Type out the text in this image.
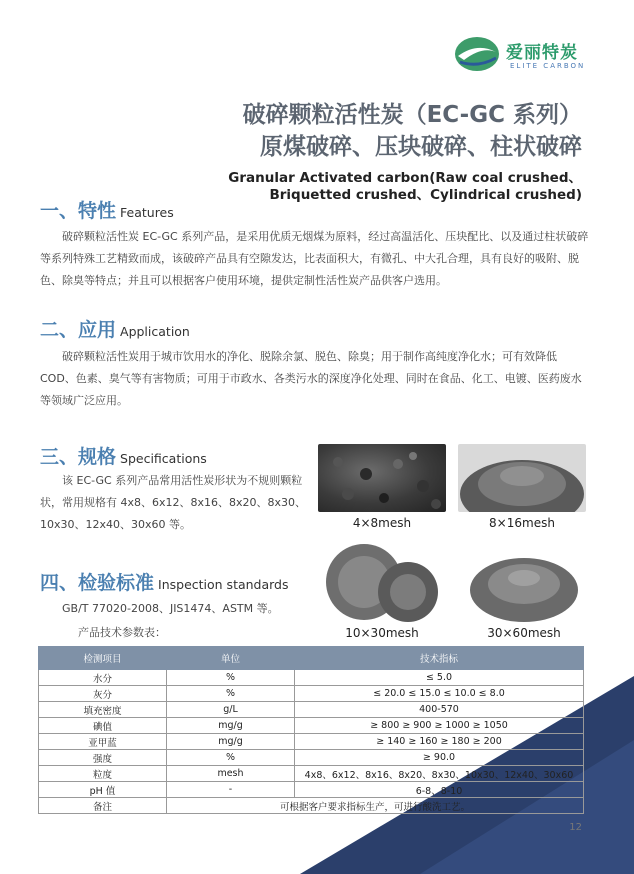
爱丽特炭
ELITE CARBON
破碎颗粒活性炭（EC-GC 系列）
原煤破碎、压块破碎、柱状破碎
Granular Activated carbon(Raw coal crushed、Briquetted crushed、Cylindrical crushed)
一、特性 Features
破碎颗粒活性炭 EC-GC 系列产品，是采用优质无烟煤为原料，经过高温活化、压块配比、以及通过柱状破碎等系列特殊工艺精致而成，该破碎产品具有空隙发达，比表面积大，有微孔、中大孔合理，具有良好的吸附、脱色、除臭等特点；并且可以根据客户使用环境，提供定制性活性炭产品供客户选用。
二、应用 Application
破碎颗粒活性炭用于城市饮用水的净化、脱除余氯、脱色、除臭；用于制作高纯度净化水；可有效降低 COD、色素、臭气等有害物质；可用于市政水、各类污水的深度净化处理、同时在食品、化工、电镀、医药废水等领域广泛应用。
三、规格 Specifications
该 EC-GC 系列产品常用活性炭形状为不规则颗粒状，常用规格有 4x8、6x12、8x16、8x20、8x30、10x30、12x40、30x60 等。
四、检验标准 Inspection standards
GB/T 77020-2008、JIS1474、ASTM 等。
产品技术参数表：
4×8mesh	8×16mesh
10×30mesh	30×60mesh
检测项目	单位	技术指标
水分	%	≤ 5.0
灰分	%	≤ 20.0 ≤ 15.0 ≤ 10.0 ≤ 8.0
填充密度	g/L	400-570
碘值	mg/g	≥ 800 ≥ 900 ≥ 1000 ≥ 1050
亚甲蓝	mg/g	≥ 140 ≥ 160 ≥ 180 ≥ 200
强度	%	≥ 90.0
粒度	mesh	4x8、6x12、8x16、8x20、8x30、10x30、12x40、30x60
pH 值	-	6-8、8-10
备注	可根据客户要求指标生产，可进行酸洗工艺。	
12
